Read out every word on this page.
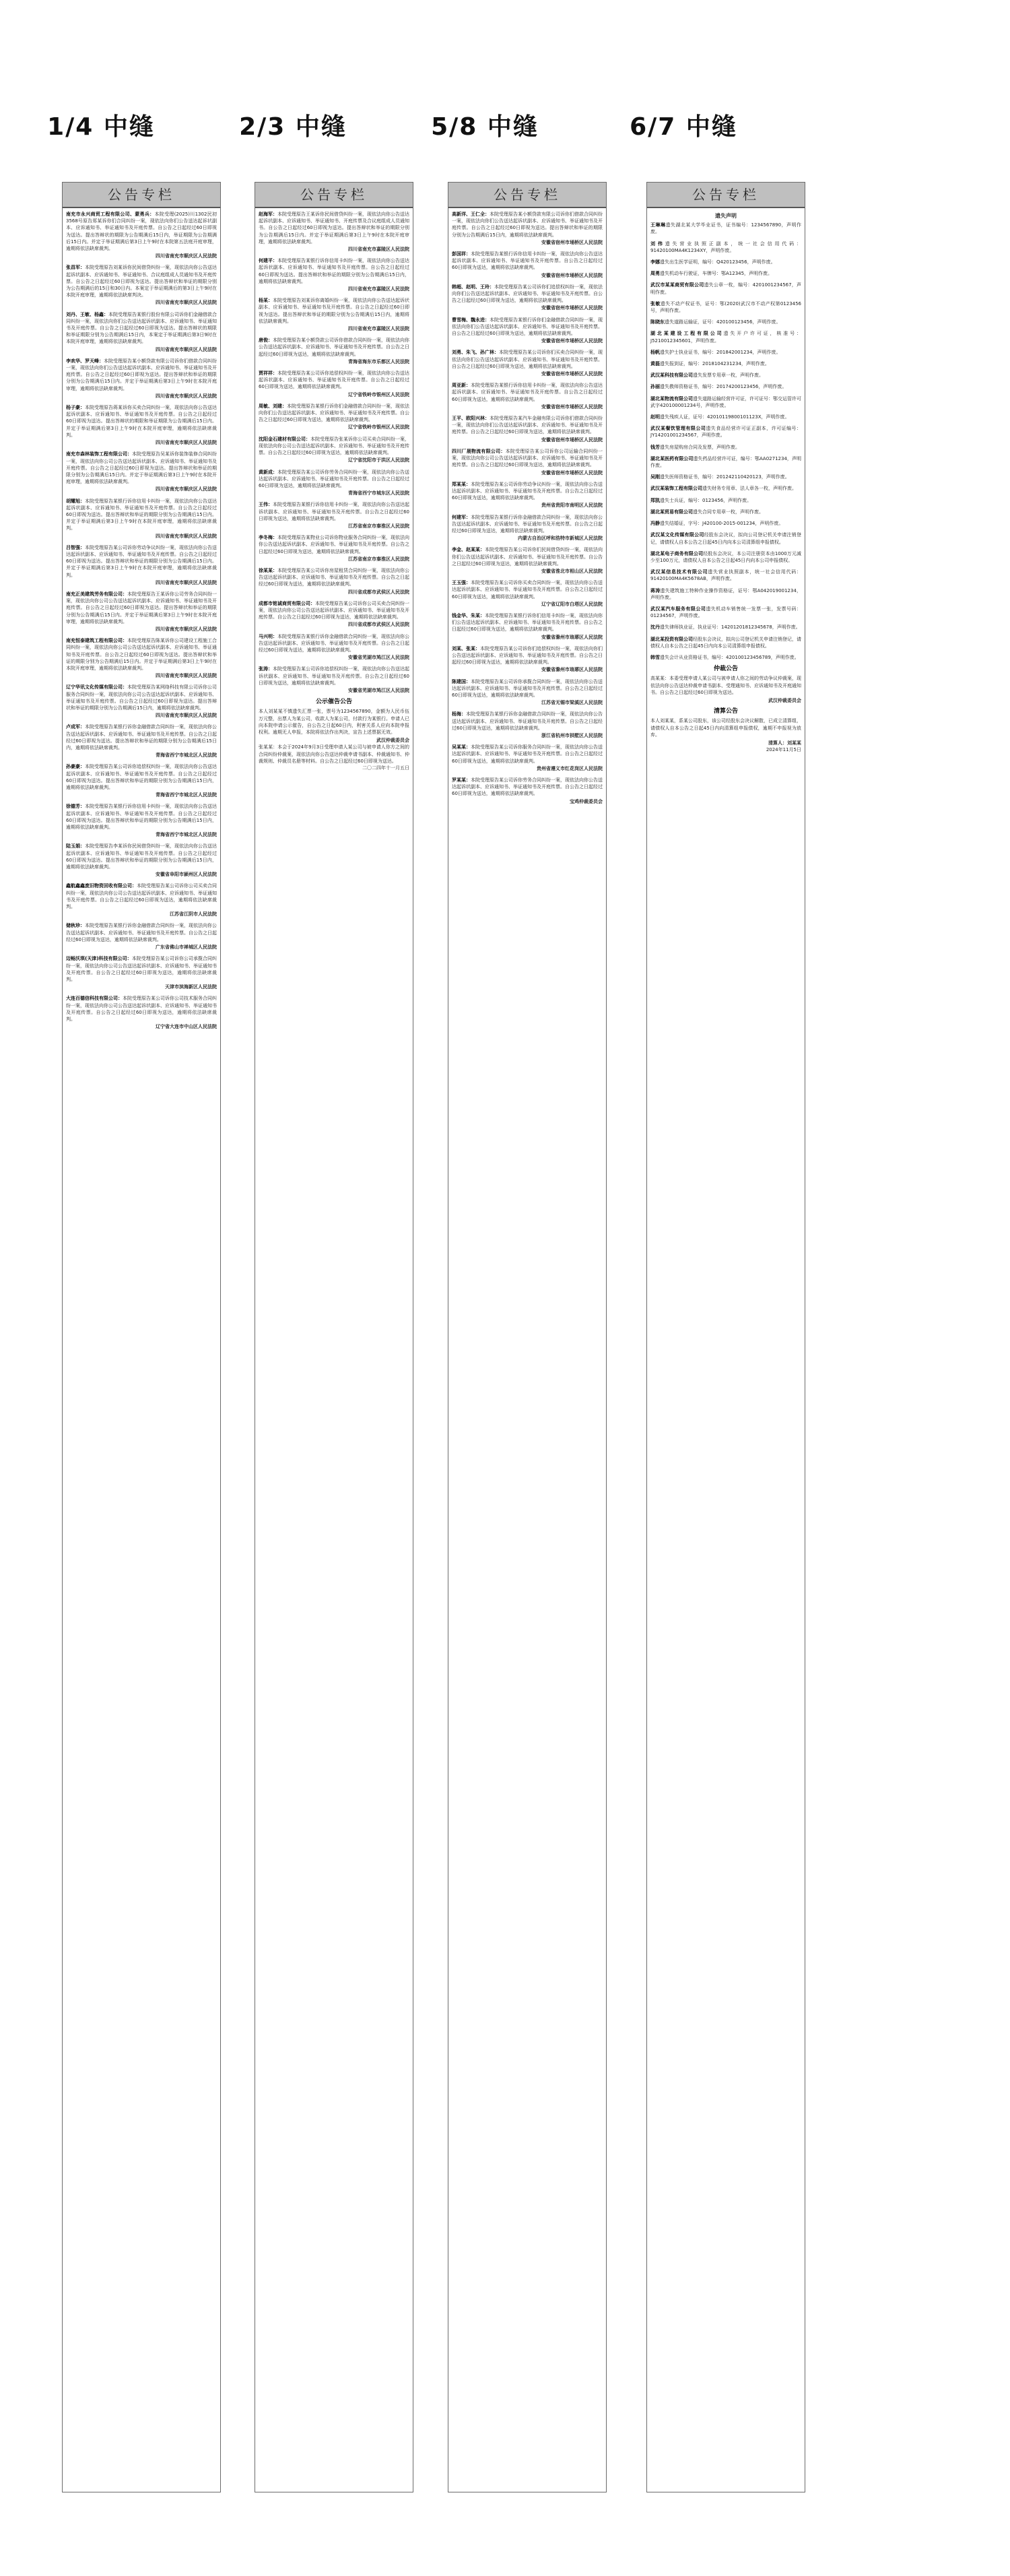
1/4 中缝	2/3 中缝	5/8 中缝	6/7 中缝
公告专栏
南充市永兴商贸工程有限公司、蒙勇兵：本院受理(2025)川1302民初3568号原告郑某诉你们合同纠纷一案，现依法向你们公告送达起诉状副本、应诉通知书、举证通知书及开庭传票。自公告之日起经过60日即视为送达。提出答辩状的期限为公告期满后15日内，举证期限为公告期满后15日内。并定于举证期满后第3日上午9时在本院第五法庭开庭审理，逾期将依法缺席裁判。
四川省南充市顺庆区人民法院
张昌军：本院受理原告刘某诉你民间借贷纠纷一案，现依法向你公告送达起诉状副本、应诉通知书、举证通知书、合议庭组成人员通知书及开庭传票。自公告之日起经过60日即视为送达。提出答辩状和举证的期限分别为公告期满后的15日和30日内。本案定于举证期满后的第3日上午9时在本院开庭审理，逾期将依法缺席判决。
四川省南充市顺庆区人民法院
刘丹、王敏、杨鑫：本院受理原告某银行股份有限公司诉你们金融借款合同纠纷一案，现依法向你们公告送达起诉状副本、应诉通知书、举证通知书及开庭传票。自公告之日起经过60日即视为送达。提出答辩状的期限和举证期限分别为公告期满后15日内，本案定于举证期满后第3日9时在本院开庭审理，逾期将依法缺席裁判。
四川省南充市顺庆区人民法院
李欢华、罗天峰：本院受理原告某小额贷款有限公司诉你们借款合同纠纷一案，现依法向你们公告送达起诉状副本、应诉通知书、举证通知书及开庭传票。自公告之日起经过60日即视为送达。提出答辩状和举证的期限分别为公告期满后15日内。并定于举证期满后第3日上午9时在本院开庭审理，逾期将依法缺席裁判。
四川省南充市顺庆区人民法院
杨子豪：本院受理原告蒋某诉你买卖合同纠纷一案，现依法向你公告送达起诉状副本、应诉通知书、举证通知书及开庭传票。自公告之日起经过60日即视为送达。提出答辩状的期限和举证期限为公告期满后15日内。并定于举证期满后第3日上午9时在本院开庭审理，逾期将依法缺席裁判。
四川省南充市顺庆区人民法院
南充市森林装饰工程有限公司：本院受理原告吴某诉你装饰装修合同纠纷一案，现依法向你公司公告送达起诉状副本、应诉通知书、举证通知书及开庭传票。自公告之日起经过60日即视为送达。提出答辩状和举证的期限分别为公告期满后15日内。并定于举证期满后第3日上午9时在本院开庭审理，逾期将依法缺席裁判。
四川省南充市顺庆区人民法院
胡耀旭：本院受理原告某银行诉你信用卡纠纷一案，现依法向你公告送达起诉状副本、应诉通知书、举证通知书及开庭传票。自公告之日起经过60日即视为送达。提出答辩状和举证的期限分别为公告期满后15日内。并定于举证期满后第3日上午9时在本院开庭审理，逾期将依法缺席裁判。
四川省南充市顺庆区人民法院
吕智强：本院受理原告某公司诉你劳动争议纠纷一案，现依法向你公告送达起诉状副本、应诉通知书、举证通知书及开庭传票。自公告之日起经过60日即视为送达。提出答辩状和举证的期限分别为公告期满后15日内。并定于举证期满后第3日上午9时在本院开庭审理，逾期将依法缺席裁判。
四川省南充市顺庆区人民法院
南充正美建筑劳务有限公司：本院受理原告王某诉你公司劳务合同纠纷一案，现依法向你公司公告送达起诉状副本、应诉通知书、举证通知书及开庭传票。自公告之日起经过60日即视为送达。提出答辩状和举证的期限分别为公告期满后15日内。并定于举证期满后第3日上午9时在本院开庭审理，逾期将依法缺席裁判。
四川省南充市顺庆区人民法院
南充恒泰建筑工程有限公司：本院受理原告陈某诉你公司建设工程施工合同纠纷一案，现依法向你公司公告送达起诉状副本、应诉通知书、举证通知书及开庭传票。自公告之日起经过60日即视为送达。提出答辩状和举证的期限分别为公告期满后15日内。并定于举证期满后第3日上午9时在本院开庭审理，逾期将依法缺席裁判。
四川省南充市顺庆区人民法院
辽宁华讯文化传媒有限公司：本院受理原告某网络科技有限公司诉你公司服务合同纠纷一案，现依法向你公司公告送达起诉状副本、应诉通知书、举证通知书及开庭传票。自公告之日起经过60日即视为送达。提出答辩状和举证的期限分别为公告期满后15日内，逾期将依法缺席裁判。
四川省南充市顺庆区人民法院
卢成军：本院受理原告某银行诉你金融借款合同纠纷一案，现依法向你公告送达起诉状副本、应诉通知书、举证通知书及开庭传票。自公告之日起经过60日即视为送达。提出答辩状和举证的期限分别为公告期满后15日内，逾期将依法缺席裁判。
青海省西宁市城北区人民法院
孙豪豪：本院受理原告某公司诉你追偿权纠纷一案，现依法向你公告送达起诉状副本、应诉通知书、举证通知书及开庭传票。自公告之日起经过60日即视为送达。提出答辩状和举证的期限分别为公告期满后15日内，逾期将依法缺席裁判。
青海省西宁市城北区人民法院
徐德芳：本院受理原告某银行诉你信用卡纠纷一案，现依法向你公告送达起诉状副本、应诉通知书、举证通知书及开庭传票。自公告之日起经过60日即视为送达。提出答辩状和举证的期限分别为公告期满后15日内，逾期将依法缺席裁判。
青海省西宁市城北区人民法院
陆玉娟：本院受理原告李某诉你民间借贷纠纷一案，现依法向你公告送达起诉状副本、应诉通知书、举证通知书及开庭传票。自公告之日起经过60日即视为送达。提出答辩状和举证的期限分别为公告期满后15日内，逾期将依法缺席裁判。
安徽省阜阳市颍州区人民法院
鑫航鑫鑫废旧物资回收有限公司：本院受理原告某公司诉你公司买卖合同纠纷一案，现依法向你公司公告送达起诉状副本、应诉通知书、举证通知书及开庭传票。自公告之日起经过60日即视为送达，逾期将依法缺席裁判。
江苏省江阴市人民法院
储秋珍：本院受理原告某银行诉你金融借款合同纠纷一案，现依法向你公告送达起诉状副本、应诉通知书、举证通知书及开庭传票。自公告之日起经过60日即视为送达，逾期将依法缺席裁判。
广东省佛山市禅城区人民法院
迈畅沃琪(天津)科技有限公司：本院受理原告某公司诉你公司承揽合同纠纷一案，现依法向你公司公告送达起诉状副本、应诉通知书、举证通知书及开庭传票。自公告之日起经过60日即视为送达，逾期将依法缺席裁判。
天津市滨海新区人民法院
大连百德信科技有限公司：本院受理原告某公司诉你公司技术服务合同纠纷一案，现依法向你公司公告送达起诉状副本、应诉通知书、举证通知书及开庭传票。自公告之日起经过60日即视为送达，逾期将依法缺席裁判。
辽宁省大连市中山区人民法院
公告专栏
赵海军：本院受理原告王某诉你民间借贷纠纷一案，现依法向你公告送达起诉状副本、应诉通知书、举证通知书、开庭传票及合议庭组成人员通知书。自公告之日起经过60日即视为送达。提出答辩状和举证的期限分别为公告期满后15日内。并定于举证期满后第3日上午9时在本院开庭审理，逾期将依法缺席裁判。
四川省南充市嘉陵区人民法院
何建平：本院受理原告某银行诉你信用卡纠纷一案，现依法向你公告送达起诉状副本、应诉通知书、举证通知书及开庭传票。自公告之日起经过60日即视为送达。提出答辩状和举证的期限分别为公告期满后15日内，逾期将依法缺席裁判。
四川省南充市嘉陵区人民法院
杨某：本院受理原告刘某诉你离婚纠纷一案，现依法向你公告送达起诉状副本、应诉通知书、举证通知书及开庭传票。自公告之日起经过60日即视为送达。提出答辩状和举证的期限分别为公告期满后15日内，逾期将依法缺席裁判。
四川省南充市嘉陵区人民法院
唐俊：本院受理原告某小额贷款公司诉你借款合同纠纷一案，现依法向你公告送达起诉状副本、应诉通知书、举证通知书及开庭传票。自公告之日起经过60日即视为送达，逾期将依法缺席裁判。
青海省海东市乐都区人民法院
贾祥祥：本院受理原告某公司诉你追偿权纠纷一案，现依法向你公告送达起诉状副本、应诉通知书、举证通知书及开庭传票。自公告之日起经过60日即视为送达，逾期将依法缺席裁判。
辽宁省铁岭市银州区人民法院
周敏、刘建：本院受理原告某银行诉你们金融借款合同纠纷一案，现依法向你们公告送达起诉状副本、应诉通知书、举证通知书及开庭传票。自公告之日起经过60日即视为送达，逾期将依法缺席裁判。
辽宁省铁岭市银州区人民法院
沈阳金石建材有限公司：本院受理原告张某诉你公司买卖合同纠纷一案，现依法向你公司公告送达起诉状副本、应诉通知书、举证通知书及开庭传票。自公告之日起经过60日即视为送达，逾期将依法缺席裁判。
辽宁省沈阳市于洪区人民法院
黄新成：本院受理原告某公司诉你劳务合同纠纷一案，现依法向你公告送达起诉状副本、应诉通知书、举证通知书及开庭传票。自公告之日起经过60日即视为送达，逾期将依法缺席裁判。
青海省西宁市城东区人民法院
王伟：本院受理原告某银行诉你信用卡纠纷一案，现依法向你公告送达起诉状副本、应诉通知书、举证通知书及开庭传票。自公告之日起经过60日即视为送达，逾期将依法缺席裁判。
江苏省南京市秦淮区人民法院
李冬梅：本院受理原告某物业公司诉你物业服务合同纠纷一案，现依法向你公告送达起诉状副本、应诉通知书、举证通知书及开庭传票。自公告之日起经过60日即视为送达，逾期将依法缺席裁判。
江苏省南京市秦淮区人民法院
徐某某：本院受理原告某公司诉你房屋租赁合同纠纷一案，现依法向你公告送达起诉状副本、应诉通知书、举证通知书及开庭传票。自公告之日起经过60日即视为送达，逾期将依法缺席裁判。
四川省成都市武侯区人民法院
成都市铭诚商贸有限公司：本院受理原告某公司诉你公司买卖合同纠纷一案，现依法向你公司公告送达起诉状副本、应诉通知书、举证通知书及开庭传票。自公告之日起经过60日即视为送达，逾期将依法缺席裁判。
四川省成都市武侯区人民法院
马兴明：本院受理原告某银行诉你金融借款合同纠纷一案，现依法向你公告送达起诉状副本、应诉通知书、举证通知书及开庭传票。自公告之日起经过60日即视为送达，逾期将依法缺席裁判。
安徽省芜湖市鸠江区人民法院
张涛：本院受理原告某公司诉你追偿权纠纷一案，现依法向你公告送达起诉状副本、应诉通知书、举证通知书及开庭传票。自公告之日起经过60日即视为送达，逾期将依法缺席裁判。
安徽省芜湖市鸠江区人民法院
公示催告公告
本人刘某某不慎遗失汇票一张，票号为1234567890，金额为人民币伍万元整，出票人为某公司，收款人为某公司，付款行为某银行。申请人已向本院申请公示催告，自公告之日起60日内，利害关系人应向本院申报权利。逾期无人申报，本院将依法作出判决，宣告上述票据无效。
武汉仲裁委员会
张某某：本会于2024年9月3日受理申请人某公司与被申请人你方之间的合同纠纷仲裁案，现依法向你公告送达仲裁申请书副本、仲裁通知书、仲裁规则、仲裁员名册等材料。自公告之日起经过60日即视为送达。
二〇二四年十一月五日
公告专栏
高新洋、王仁全：本院受理原告某小额贷款有限公司诉你们借款合同纠纷一案，现依法向你们公告送达起诉状副本、应诉通知书、举证通知书及开庭传票。自公告之日起经过60日即视为送达。提出答辩状和举证的期限分别为公告期满后15日内，逾期将依法缺席裁判。
安徽省宿州市埇桥区人民法院
彭国祥：本院受理原告某银行诉你信用卡纠纷一案，现依法向你公告送达起诉状副本、应诉通知书、举证通知书及开庭传票。自公告之日起经过60日即视为送达，逾期将依法缺席裁判。
安徽省宿州市埇桥区人民法院
韩超、赵明、王玲：本院受理原告某公司诉你们追偿权纠纷一案，现依法向你们公告送达起诉状副本、应诉通知书、举证通知书及开庭传票。自公告之日起经过60日即视为送达，逾期将依法缺席裁判。
安徽省宿州市埇桥区人民法院
曹雪梅、魏永进：本院受理原告某银行诉你们金融借款合同纠纷一案，现依法向你们公告送达起诉状副本、应诉通知书、举证通知书及开庭传票。自公告之日起经过60日即视为送达，逾期将依法缺席裁判。
安徽省宿州市埇桥区人民法院
刘勇、朱飞、孙广林：本院受理原告某公司诉你们买卖合同纠纷一案，现依法向你们公告送达起诉状副本、应诉通知书、举证通知书及开庭传票。自公告之日起经过60日即视为送达，逾期将依法缺席裁判。
安徽省宿州市埇桥区人民法院
周亚新：本院受理原告某银行诉你信用卡纠纷一案，现依法向你公告送达起诉状副本、应诉通知书、举证通知书及开庭传票。自公告之日起经过60日即视为送达，逾期将依法缺席裁判。
安徽省宿州市埇桥区人民法院
王平、欧阳兴林：本院受理原告某汽车金融有限公司诉你们借款合同纠纷一案，现依法向你们公告送达起诉状副本、应诉通知书、举证通知书及开庭传票。自公告之日起经过60日即视为送达，逾期将依法缺席裁判。
安徽省宿州市埇桥区人民法院
四川厂晟物流有限公司：本院受理原告某公司诉你公司运输合同纠纷一案，现依法向你公司公告送达起诉状副本、应诉通知书、举证通知书及开庭传票。自公告之日起经过60日即视为送达，逾期将依法缺席裁判。
安徽省宿州市埇桥区人民法院
郑某某：本院受理原告某公司诉你劳动争议纠纷一案，现依法向你公告送达起诉状副本、应诉通知书、举证通知书及开庭传票。自公告之日起经过60日即视为送达，逾期将依法缺席裁判。
贵州省贵阳市南明区人民法院
何建军：本院受理原告某银行诉你金融借款合同纠纷一案，现依法向你公告送达起诉状副本、应诉通知书、举证通知书及开庭传票。自公告之日起经过60日即视为送达，逾期将依法缺席裁判。
内蒙古自治区呼和浩特市新城区人民法院
李金、赵某某：本院受理原告某公司诉你们民间借贷纠纷一案，现依法向你们公告送达起诉状副本、应诉通知书、举证通知书及开庭传票。自公告之日起经过60日即视为送达，逾期将依法缺席裁判。
安徽省淮北市相山区人民法院
王玉强：本院受理原告某公司诉你买卖合同纠纷一案，现依法向你公告送达起诉状副本、应诉通知书、举证通知书及开庭传票。自公告之日起经过60日即视为送达，逾期将依法缺席裁判。
辽宁省辽阳市白塔区人民法院
钱金华、朱某：本院受理原告某银行诉你们信用卡纠纷一案，现依法向你们公告送达起诉状副本、应诉通知书、举证通知书及开庭传票。自公告之日起经过60日即视为送达，逾期将依法缺席裁判。
安徽省滁州市琅琊区人民法院
刘某、张某：本院受理原告某公司诉你们追偿权纠纷一案，现依法向你们公告送达起诉状副本、应诉通知书、举证通知书及开庭传票。自公告之日起经过60日即视为送达，逾期将依法缺席裁判。
安徽省滁州市琅琊区人民法院
陈建国：本院受理原告某公司诉你承揽合同纠纷一案，现依法向你公告送达起诉状副本、应诉通知书、举证通知书及开庭传票。自公告之日起经过60日即视为送达，逾期将依法缺席裁判。
江苏省无锡市梁溪区人民法院
杨海：本院受理原告某银行诉你金融借款合同纠纷一案，现依法向你公告送达起诉状副本、应诉通知书、举证通知书及开庭传票。自公告之日起经过60日即视为送达，逾期将依法缺席裁判。
浙江省杭州市拱墅区人民法院
吴某某：本院受理原告某公司诉你服务合同纠纷一案，现依法向你公告送达起诉状副本、应诉通知书、举证通知书及开庭传票。自公告之日起经过60日即视为送达，逾期将依法缺席裁判。
贵州省遵义市红花岗区人民法院
罗某某：本院受理原告某公司诉你劳务合同纠纷一案，现依法向你公告送达起诉状副本、应诉通知书、举证通知书及开庭传票。自公告之日起经过60日即视为送达，逾期将依法缺席裁判。
宝鸡仲裁委员会
公告专栏
遗失声明
王琳琳遗失湖北某大学毕业证书，证书编号：1234567890，声明作废。
刘伟遗失营业执照正副本，统一社会信用代码：91420100MA4K1234XY，声明作废。
李娜遗失出生医学证明，编号：Q420123456，声明作废。
周勇遗失机动车行驶证，车牌号：鄂A12345，声明作废。
武汉市某某商贸有限公司遗失公章一枚，编号：4201001234567，声明作废。
张敏遗失不动产权证书，证号：鄂(2020)武汉市不动产权第0123456号，声明作废。
陈晓东遗失道路运输证，证号：420100123456，声明作废。
湖北某建设工程有限公司遗失开户许可证，核准号：J5210012345601，声明作废。
杨帆遗失护士执业证书，编号：201842001234，声明作废。
黄磊遗失报到证，编号：2018104231234，声明作废。
武汉某科技有限公司遗失发票专用章一枚，声明作废。
孙丽遗失教师资格证书，编号：20174200123456，声明作废。
湖北某物流有限公司遗失道路运输经营许可证，许可证号：鄂交运管许可武字420100001234号，声明作废。
赵明遗失残疾人证，证号：42010119800101123X，声明作废。
武汉某餐饮管理有限公司遗失食品经营许可证正副本，许可证编号：JY14201001234567，声明作废。
钱芳遗失房屋购房合同及发票，声明作废。
湖北某医药有限公司遗失药品经营许可证，编号：鄂AA0271234，声明作废。
吴刚遗失医师资格证书，编号：201242110420123，声明作废。
武汉某装饰工程有限公司遗失财务专用章、法人章各一枚，声明作废。
郑凯遗失士兵证，编号：0123456，声明作废。
湖北某贸易有限公司遗失合同专用章一枚，声明作废。
冯静遗失结婚证，字号：J420100-2015-001234，声明作废。
武汉某文化传媒有限公司经股东会决议，拟向公司登记机关申请注销登记，请债权人自本公告之日起45日内向本公司清算组申报债权。
湖北某电子商务有限公司经股东会决议，本公司注册资本由1000万元减少至100万元，请债权人自本公告之日起45日内向本公司申报债权。
武汉某信息技术有限公司遗失营业执照副本，统一社会信用代码：91420100MA4K5678AB，声明作废。
蒋涛遗失建筑施工特种作业操作资格证，证号：鄂A042019001234，声明作废。
武汉某汽车服务有限公司遗失机动车销售统一发票一张，发票号码：01234567，声明作废。
沈丹遗失律师执业证，执业证号：14201201812345678，声明作废。
湖北某投资有限公司经股东会决议，拟向公司登记机关申请注销登记，请债权人自本公告之日起45日内向本公司清算组申报债权。
韩雪遗失会计从业资格证书，编号：420100123456789，声明作废。
仲裁公告
高某某：本委受理申请人某公司与被申请人你之间的劳动争议仲裁案，现依法向你公告送达仲裁申请书副本、受理通知书、应诉通知书及开庭通知书。自公告之日起经过60日即视为送达。
武汉仲裁委员会
清算公告
本人刘某某，系某公司股东，该公司经股东会决议解散，已成立清算组，请债权人自本公告之日起45日内向清算组申报债权，逾期不申报视为放弃。
清算人：刘某某
2024年11月5日
